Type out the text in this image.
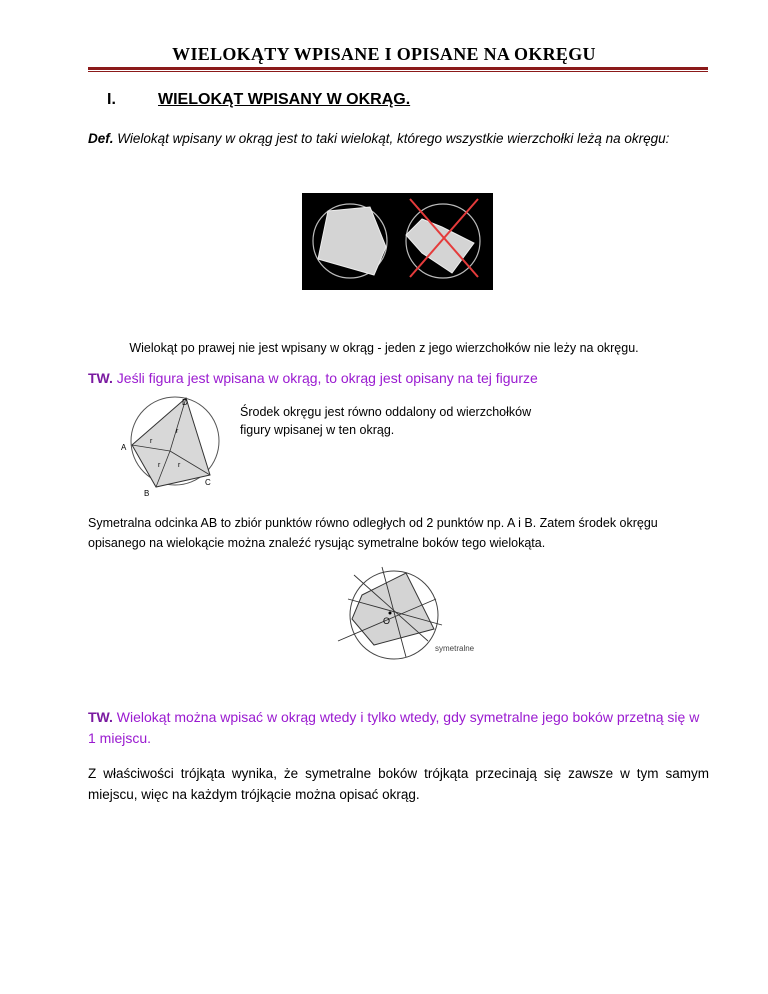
WIELOKĄTY WPISANE I OPISANE NA OKRĘGU
I.	WIELOKĄT WPISANY W OKRĄG.
Def. Wielokąt wpisany w okrąg jest to taki wielokąt, którego wszystkie wierzchołki leżą na okręgu:
Wielokąt po prawej nie jest wpisany w okrąg - jeden z jego wierzchołków nie leży na okręgu.
TW. Jeśli figura jest wpisana w okrąg, to okrąg jest opisany na tej figurze
D
A
B
C
r
r
r	r
Środek okręgu jest równo oddalony od wierzchołków figury wpisanej w ten okrąg.
Symetralna odcinka AB to zbiór punktów równo odległych od 2 punktów np. A i B. Zatem środek okręgu opisanego na wielokącie można znaleźć rysując symetralne boków tego wielokąta.
O
symetralne
TW. Wielokąt można wpisać w okrąg wtedy i tylko wtedy, gdy symetralne jego boków przetną się w 1 miejscu.
Z właściwości trójkąta wynika, że symetralne boków trójkąta przecinają się zawsze w tym samym miejscu, więc na każdym trójkącie można opisać okrąg.
